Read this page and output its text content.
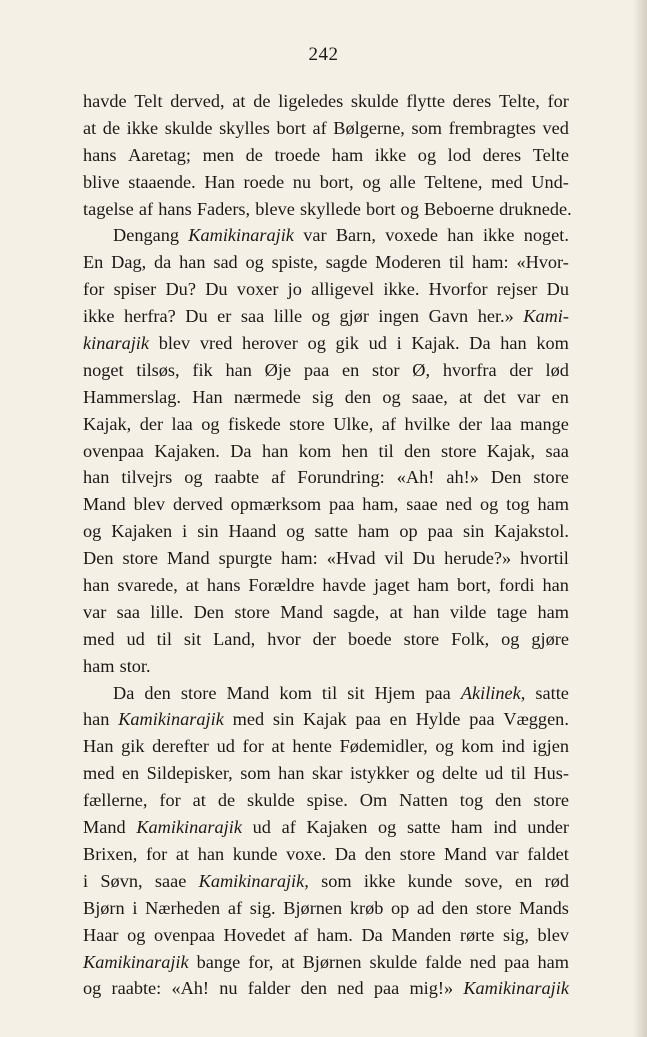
242
havde Telt derved, at de ligeledes skulde flytte deres Telte, for
at de ikke skulde skylles bort af Bølgerne, som frembragtes ved
hans Aaretag; men de troede ham ikke og lod deres Telte
blive staaende. Han roede nu bort, og alle Teltene, med Und-
tagelse af hans Faders, bleve skyllede bort og Beboerne druknede.
Dengang Kamikinarajik var Barn, voxede han ikke noget.
En Dag, da han sad og spiste, sagde Moderen til ham: «Hvor-
for spiser Du? Du voxer jo alligevel ikke. Hvorfor rejser Du
ikke herfra? Du er saa lille og gjør ingen Gavn her.» Kami-
kinarajik blev vred herover og gik ud i Kajak. Da han kom
noget tilsøs, fik han Øje paa en stor Ø, hvorfra der lød
Hammerslag. Han nærmede sig den og saae, at det var en
Kajak, der laa og fiskede store Ulke, af hvilke der laa mange
ovenpaa Kajaken. Da han kom hen til den store Kajak, saa
han tilvejrs og raabte af Forundring: «Ah! ah!» Den store
Mand blev derved opmærksom paa ham, saae ned og tog ham
og Kajaken i sin Haand og satte ham op paa sin Kajakstol.
Den store Mand spurgte ham: «Hvad vil Du herude?» hvortil
han svarede, at hans Forældre havde jaget ham bort, fordi han
var saa lille. Den store Mand sagde, at han vilde tage ham
med ud til sit Land, hvor der boede store Folk, og gjøre
ham stor.
Da den store Mand kom til sit Hjem paa Akilinek, satte
han Kamikinarajik med sin Kajak paa en Hylde paa Væggen.
Han gik derefter ud for at hente Fødemidler, og kom ind igjen
med en Sildepisker, som han skar istykker og delte ud til Hus-
fællerne, for at de skulde spise. Om Natten tog den store
Mand Kamikinarajik ud af Kajaken og satte ham ind under
Brixen, for at han kunde voxe. Da den store Mand var faldet
i Søvn, saae Kamikinarajik, som ikke kunde sove, en rød
Bjørn i Nærheden af sig. Bjørnen krøb op ad den store Mands
Haar og ovenpaa Hovedet af ham. Da Manden rørte sig, blev
Kamikinarajik bange for, at Bjørnen skulde falde ned paa ham
og raabte: «Ah! nu falder den ned paa mig!» Kamikinarajik
